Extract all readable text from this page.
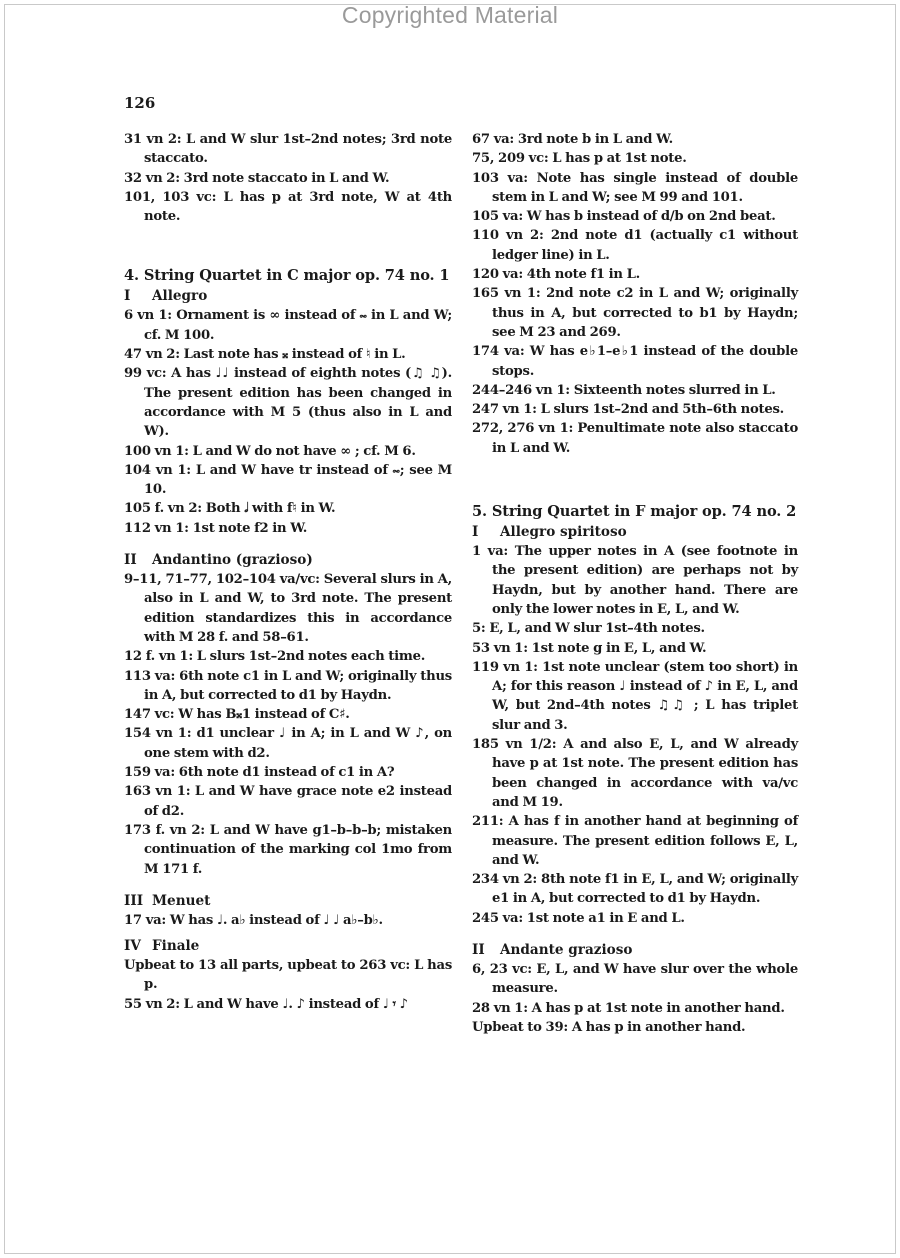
Copyrighted Material
126

31 vn 2: L and W slur 1st–2nd notes; 3rd note staccato.

32 vn 2: 3rd note staccato in L and W.

101, 103 vc: L has p at 3rd note, W at 4th note.

4. String Quartet in C major op. 74 no. 1

I Allegro

6 vn 1: Ornament is ∞ instead of 𝆗 in L and W; cf. M 100.

47 vn 2: Last note has 𝄪 instead of ♮ in L.

99 vc: A has ♩♩ instead of eighth notes (♫ ♫). The present edition has been changed in accordance with M 5 (thus also in L and W).

100 vn 1: L and W do not have ∞ ; cf. M 6.

104 vn 1: L and W have tr instead of 𝆗; see M 10.

105 f. vn 2: Both 𝅗𝅥 with f♮ in W.

112 vn 1: 1st note f2 in W.

II Andantino (grazioso)

9–11, 71–77, 102–104 va/vc: Several slurs in A, also in L and W, to 3rd note. The present edition standardizes this in accordance with M 28 f. and 58–61.

12 f. vn 1: L slurs 1st–2nd notes each time.

113 va: 6th note c1 in L and W; originally thus in A, but corrected to d1 by Haydn.

147 vc: W has B𝄪1 instead of C♯.

154 vn 1: d1 unclear ♩ in A; in L and W ♪, on one stem with d2.

159 va: 6th note d1 instead of c1 in A?

163 vn 1: L and W have grace note e2 instead of d2.

173 f. vn 2: L and W have g1–b–b–b; mistaken continuation of the marking col 1mo from M 171 f.

III Menuet

17 va: W has ♩. a♭ instead of ♩ ♩ a♭–b♭.

IV Finale

Upbeat to 13 all parts, upbeat to 263 vc: L has p.

55 vn 2: L and W have ♩. ♪ instead of ♩ 𝄾 ♪

67 va: 3rd note b in L and W.

75, 209 vc: L has p at 1st note.

103 va: Note has single instead of double stem in L and W; see M 99 and 101.

105 va: W has b instead of d/b on 2nd beat.

110 vn 2: 2nd note d1 (actually c1 without ledger line) in L.

120 va: 4th note f1 in L.

165 vn 1: 2nd note c2 in L and W; originally thus in A, but corrected to b1 by Haydn; see M 23 and 269.

174 va: W has e♭1–e♭1 instead of the double stops.

244–246 vn 1: Sixteenth notes slurred in L.

247 vn 1: L slurs 1st–2nd and 5th–6th notes.

272, 276 vn 1: Penultimate note also staccato in L and W.

5. String Quartet in F major op. 74 no. 2

I Allegro spiritoso

1 va: The upper notes in A (see footnote in the present edition) are perhaps not by Haydn, but by another hand. There are only the lower notes in E, L, and W.

5: E, L, and W slur 1st–4th notes.

53 vn 1: 1st note g in E, L, and W.

119 vn 1: 1st note unclear (stem too short) in A; for this reason ♩ instead of ♪ in E, L, and W, but 2nd–4th notes ♫♫ ; L has triplet slur and 3.

185 vn 1/2: A and also E, L, and W already have p at 1st note. The present edition has been changed in accordance with va/vc and M 19.

211: A has f in another hand at beginning of measure. The present edition follows E, L, and W.

234 vn 2: 8th note f1 in E, L, and W; originally e1 in A, but corrected to d1 by Haydn.

245 va: 1st note a1 in E and L.

II Andante grazioso

6, 23 vc: E, L, and W have slur over the whole measure.

28 vn 1: A has p at 1st note in another hand.

Upbeat to 39: A has p in another hand.
